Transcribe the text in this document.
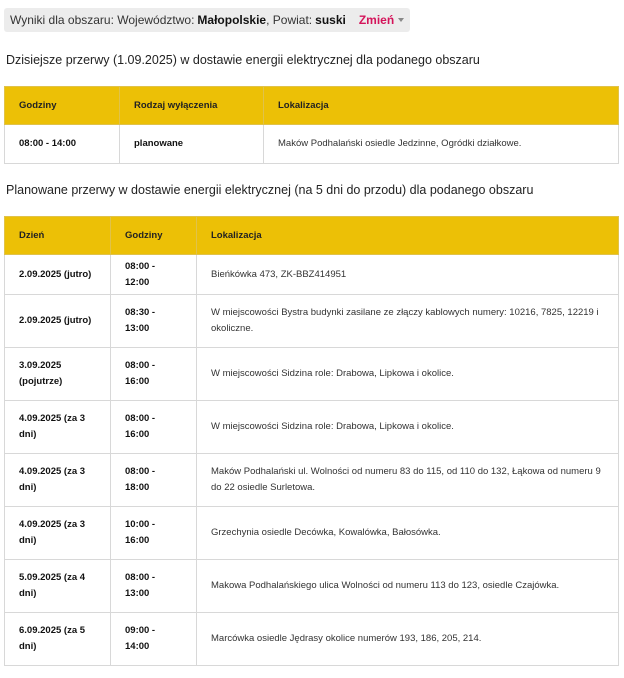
Wyniki dla obszaru: Województwo: Małopolskie , Powiat: suski Zmień
Dzisiejsze przerwy (1.09.2025) w dostawie energii elektrycznej dla podanego obszaru
Godziny	Rodzaj wyłączenia	Lokalizacja
08:00 - 14:00	planowane	Maków Podhalański osiedle Jedzinne, Ogródki działkowe.
Planowane przerwy w dostawie energii elektrycznej (na 5 dni do przodu) dla podanego obszaru
Dzień	Godziny	Lokalizacja
2.09.2025 (jutro)	08:00 - 12:00	Bieńkówka 473, ZK-BBZ414951
2.09.2025 (jutro)	08:30 - 13:00	W miejscowości Bystra budynki zasilane ze złączy kablowych numery: 10216, 7825, 12219 i okoliczne.
3.09.2025 (pojutrze)	08:00 - 16:00	W miejscowości Sidzina role: Drabowa, Lipkowa i okolice.
4.09.2025 (za 3 dni)	08:00 - 16:00	W miejscowości Sidzina role: Drabowa, Lipkowa i okolice.
4.09.2025 (za 3 dni)	08:00 - 18:00	Maków Podhalański ul. Wolności od numeru 83 do 115, od 110 do 132, Łąkowa od numeru 9 do 22 osiedle Surletowa.
4.09.2025 (za 3 dni)	10:00 - 16:00	Grzechynia osiedle Decówka, Kowalówka, Bałosówka.
5.09.2025 (za 4 dni)	08:00 - 13:00	Makowa Podhalańskiego ulica Wolności od numeru 113 do 123, osiedle Czajówka.
6.09.2025 (za 5 dni)	09:00 - 14:00	Marcówka osiedle Jędrasy okolice numerów 193, 186, 205, 214.
